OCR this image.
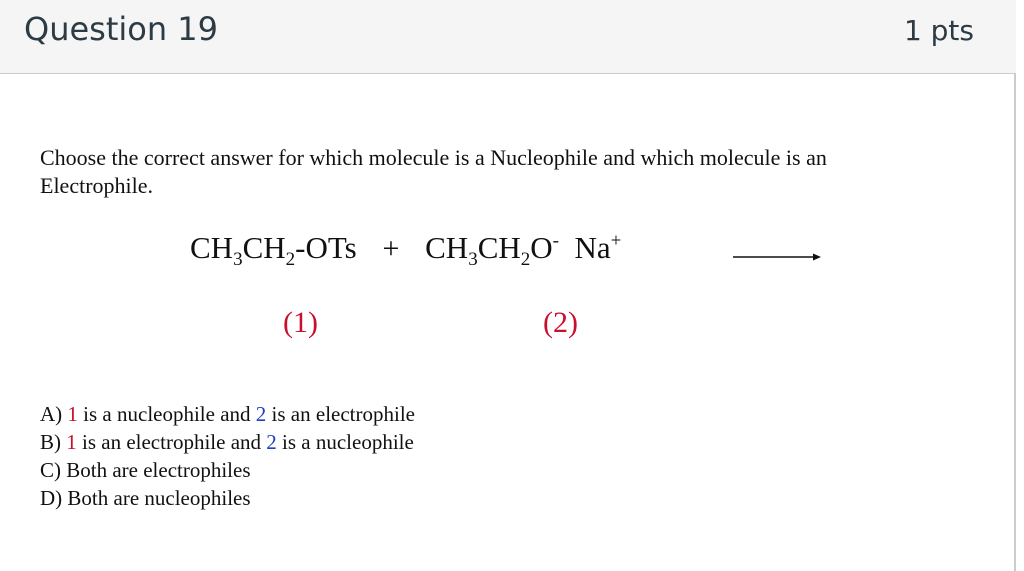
Question 19	1 pts
Choose the correct answer for which molecule is a Nucleophile and which molecule is an
Electrophile.
$CH_3CH_2$-OTs + $CH_3CH_2O^-$ Na+
(1)	(2)
A) 1 is a nucleophile and 2 is an electrophile
B) 1 is an electrophile and 2 is a nucleophile
C) Both are electrophiles
D) Both are nucleophiles
